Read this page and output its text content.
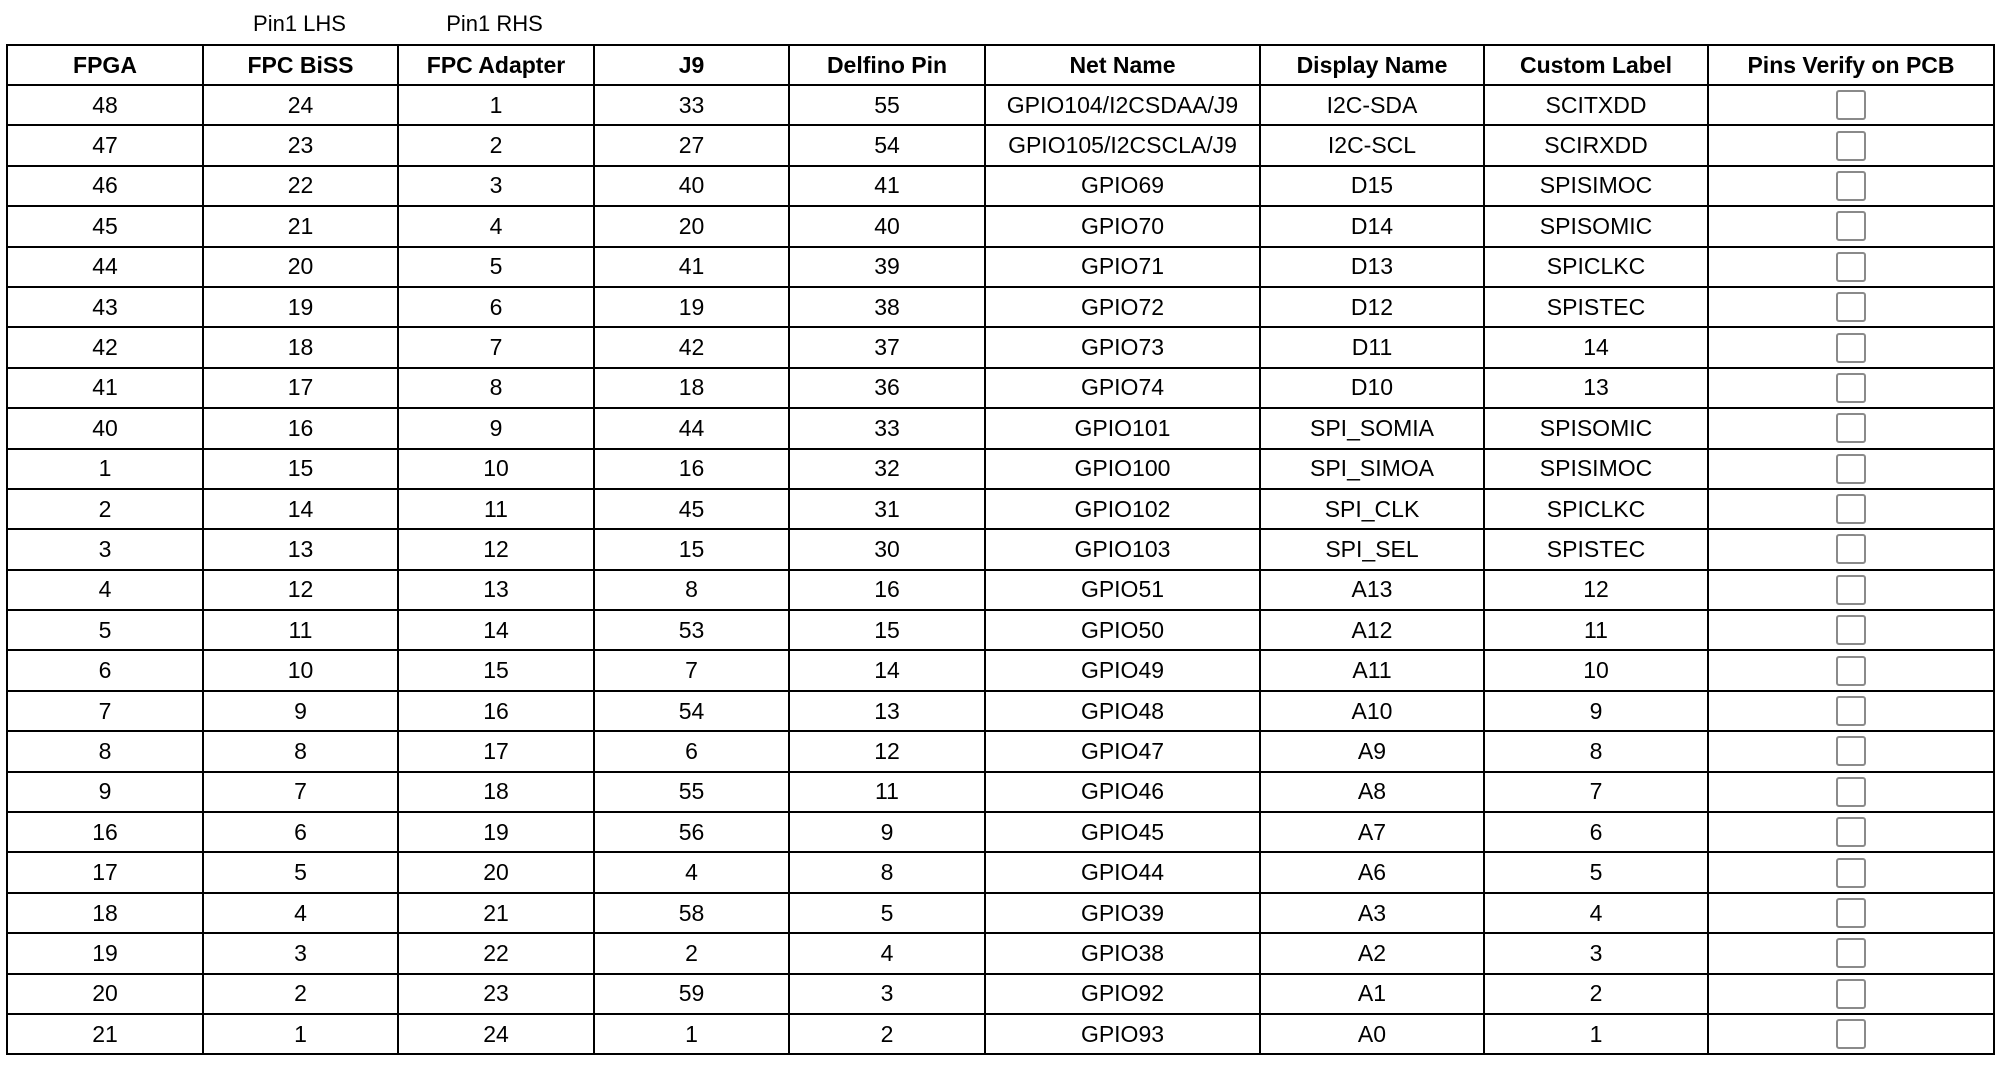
Pin1 LHS	Pin1 RHS
FPGA	FPC BiSS	FPC Adapter	J9	Delfino Pin	Net Name	Display Name	Custom Label	Pins Verify on PCB
48	24	1	33	55	GPIO104/I2CSDAA/J9	I2C-SDA	SCITXDD	
47	23	2	27	54	GPIO105/I2CSCLA/J9	I2C-SCL	SCIRXDD	
46	22	3	40	41	GPIO69	D15	SPISIMOC	
45	21	4	20	40	GPIO70	D14	SPISOMIC	
44	20	5	41	39	GPIO71	D13	SPICLKC	
43	19	6	19	38	GPIO72	D12	SPISTEC	
42	18	7	42	37	GPIO73	D11	14	
41	17	8	18	36	GPIO74	D10	13	
40	16	9	44	33	GPIO101	SPI_SOMIA	SPISOMIC	
1	15	10	16	32	GPIO100	SPI_SIMOA	SPISIMOC	
2	14	11	45	31	GPIO102	SPI_CLK	SPICLKC	
3	13	12	15	30	GPIO103	SPI_SEL	SPISTEC	
4	12	13	8	16	GPIO51	A13	12	
5	11	14	53	15	GPIO50	A12	11	
6	10	15	7	14	GPIO49	A11	10	
7	9	16	54	13	GPIO48	A10	9	
8	8	17	6	12	GPIO47	A9	8	
9	7	18	55	11	GPIO46	A8	7	
16	6	19	56	9	GPIO45	A7	6	
17	5	20	4	8	GPIO44	A6	5	
18	4	21	58	5	GPIO39	A3	4	
19	3	22	2	4	GPIO38	A2	3	
20	2	23	59	3	GPIO92	A1	2	
21	1	24	1	2	GPIO93	A0	1	
